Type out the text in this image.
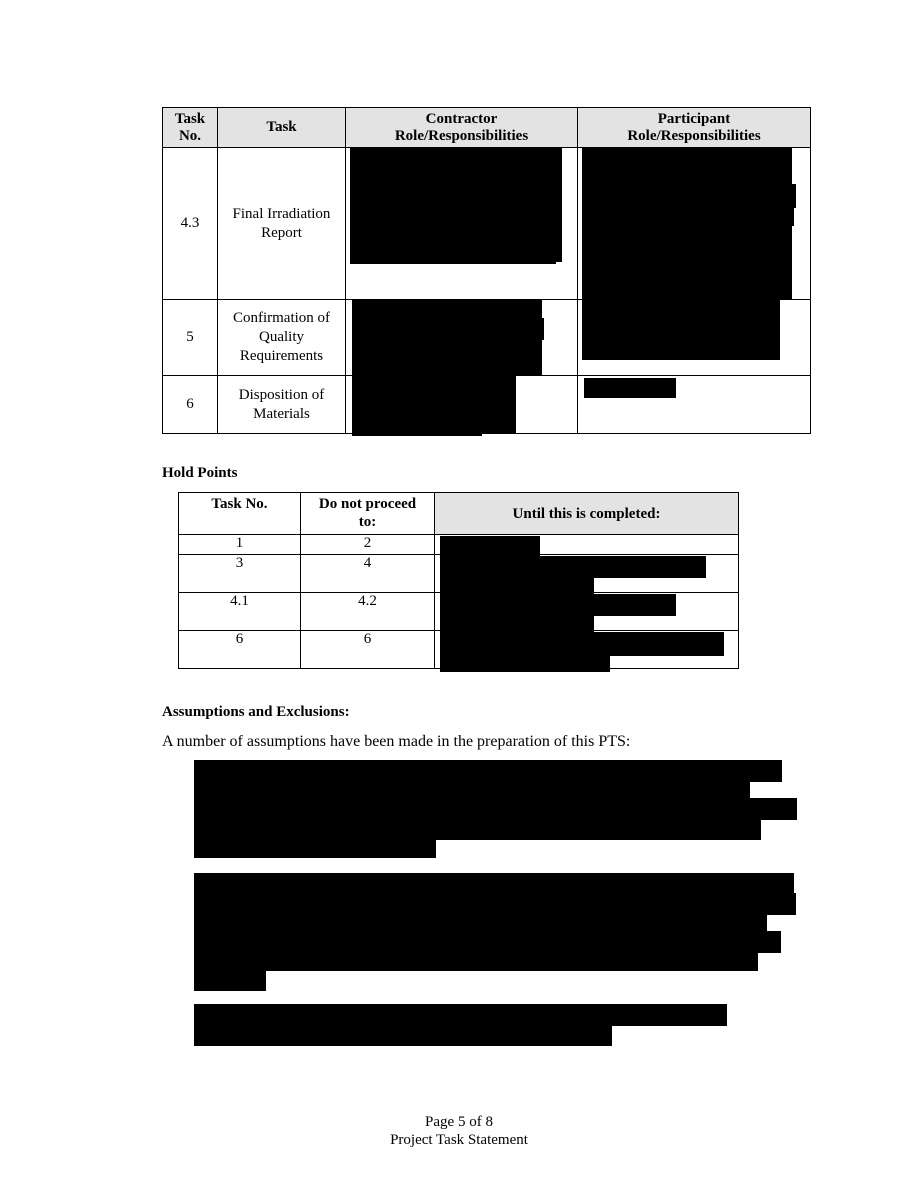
Task No.	Task	Contractor Role/Responsibilities	Participant Role/Responsibilities
4.3	Final Irradiation Report	

5	Confirmation of Quality Requirements	

6	Disposition of Materials	

Hold Points
Task No.	Do not proceed to:	Until this is completed:
1	2	
3	4	
4.1	4.2	
6	6	
Assumptions and Exclusions:
A number of assumptions have been made in the preparation of this PTS:
Page 5 of 8
Project Task Statement
